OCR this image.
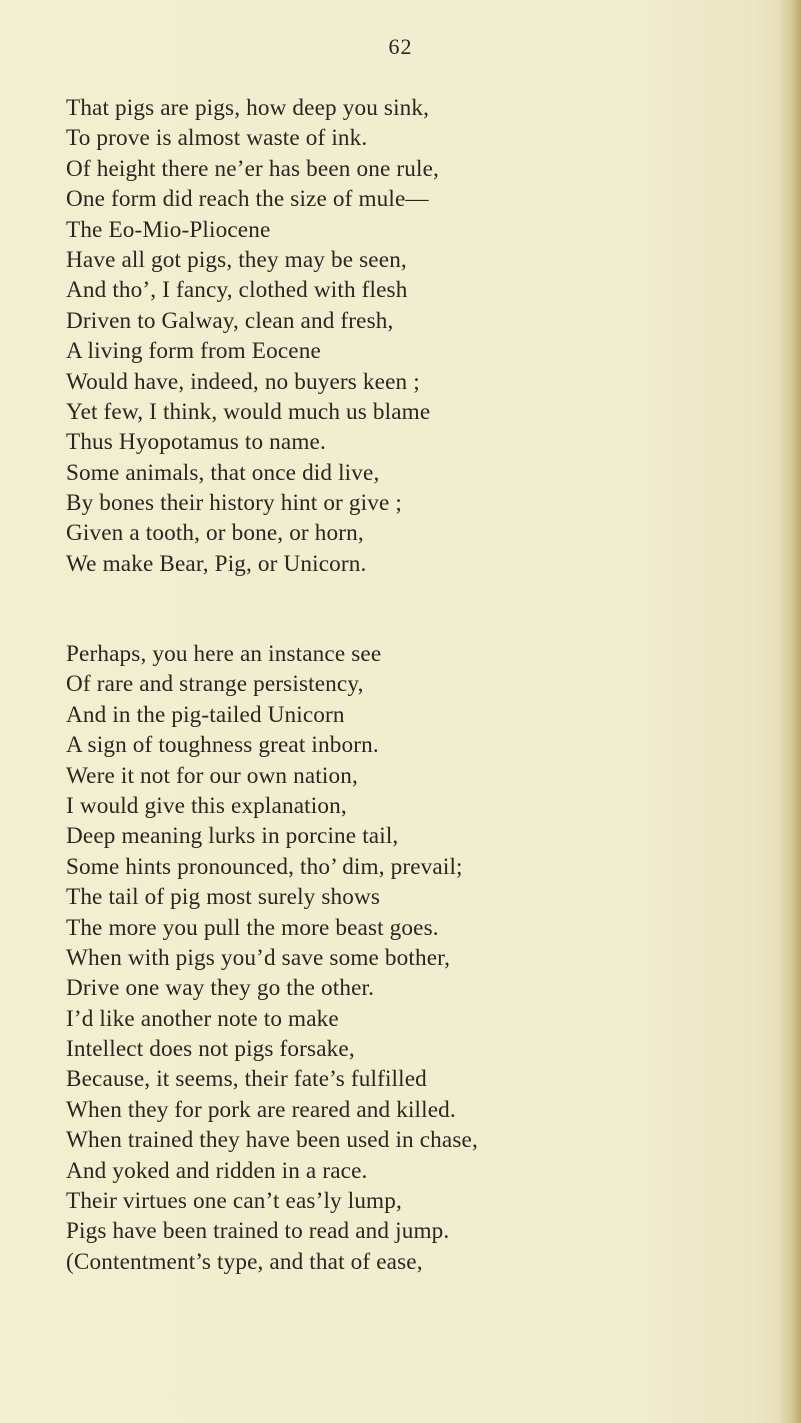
62
That pigs are pigs, how deep you sink,
To prove is almost waste of ink.
Of height there ne’er has been one rule,
One form did reach the size of mule—
The Eo-Mio-Pliocene
Have all got pigs, they may be seen,
And tho’, I fancy, clothed with flesh
Driven to Galway, clean and fresh,
A living form from Eocene
Would have, indeed, no buyers keen ;
Yet few, I think, would much us blame
Thus Hyopotamus to name.
Some animals, that once did live,
By bones their history hint or give ;
Given a tooth, or bone, or horn,
We make Bear, Pig, or Unicorn.
Perhaps, you here an instance see
Of rare and strange persistency,
And in the pig-tailed Unicorn
A sign of toughness great inborn.
Were it not for our own nation,
I would give this explanation,
Deep meaning lurks in porcine tail,
Some hints pronounced, tho’ dim, prevail;
The tail of pig most surely shows
The more you pull the more beast goes.
When with pigs you’d save some bother,
Drive one way they go the other.
I’d like another note to make
Intellect does not pigs forsake,
Because, it seems, their fate’s fulfilled
When they for pork are reared and killed.
When trained they have been used in chase,
And yoked and ridden in a race.
Their virtues one can’t eas’ly lump,
Pigs have been trained to read and jump.
(Contentment’s type, and that of ease,
